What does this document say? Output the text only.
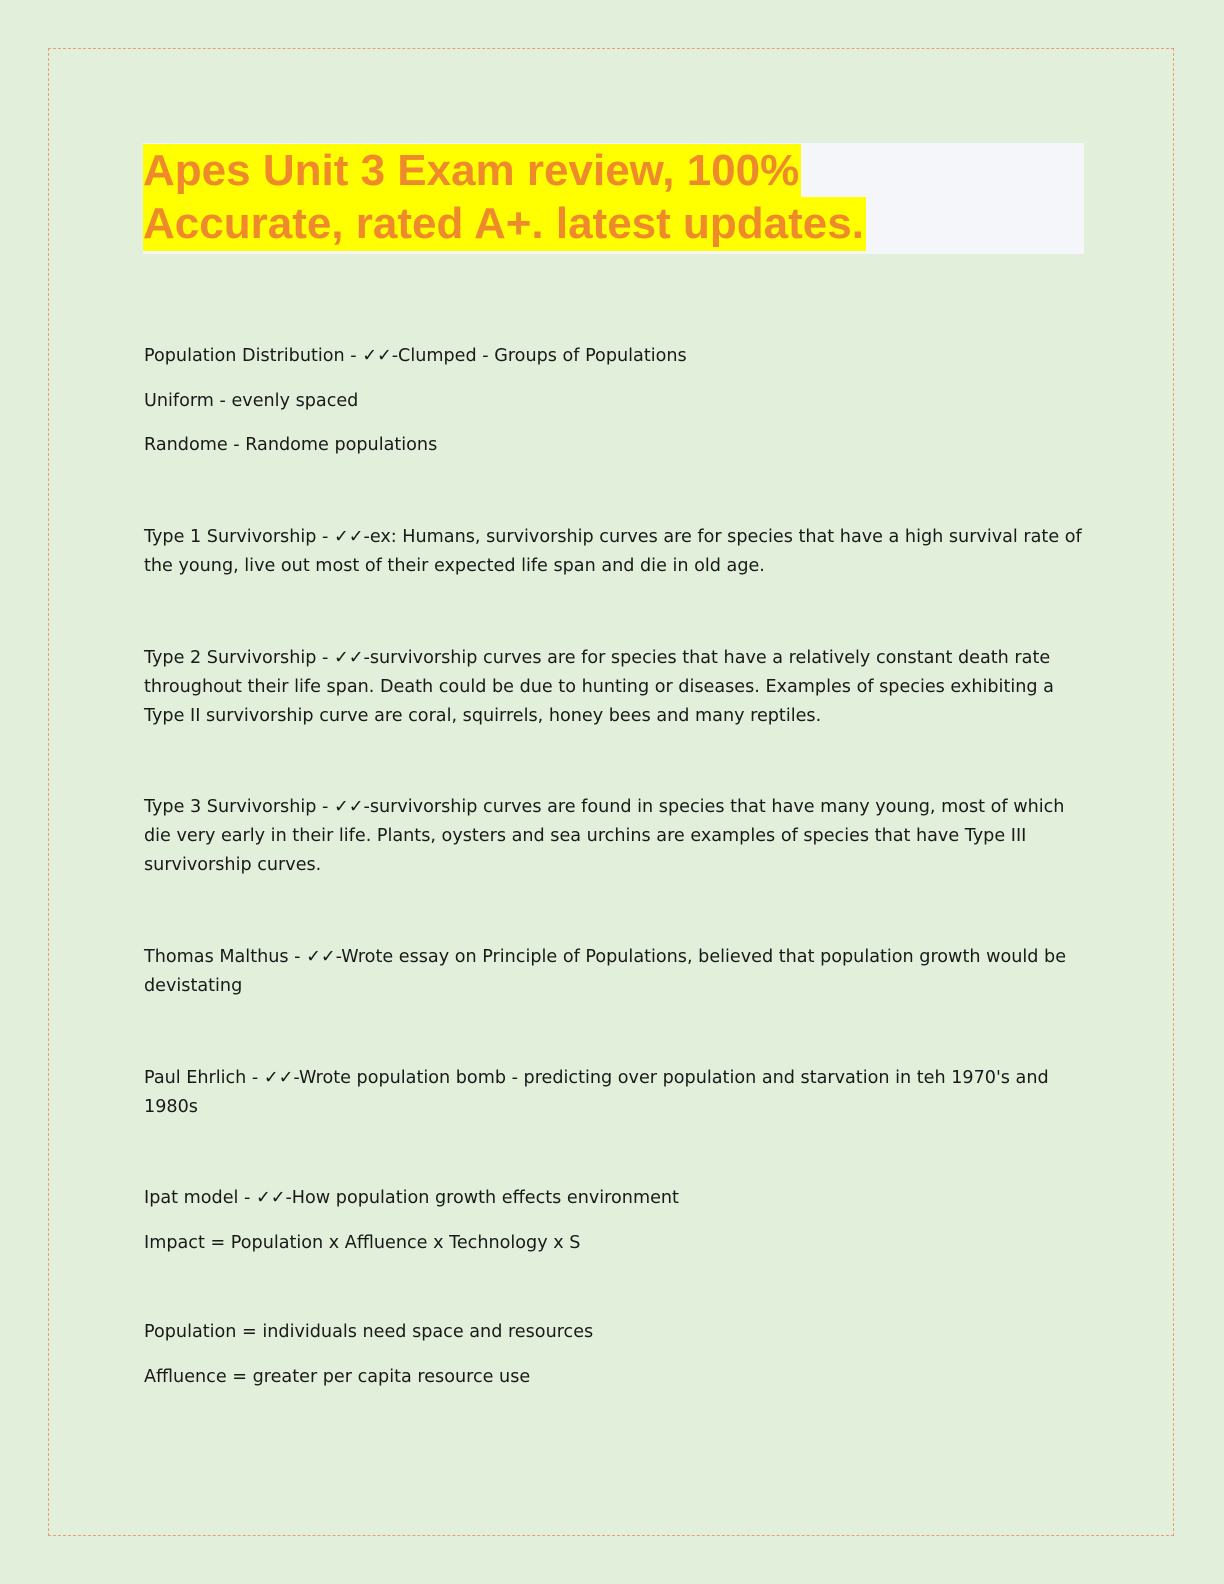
Apes Unit 3 Exam review, 100%
Accurate, rated A+. latest updates.

Population Distribution - ✓✓-Clumped - Groups of Populations

Uniform - evenly spaced

Randome - Randome populations

Type 1 Survivorship - ✓✓-ex: Humans, survivorship curves are for species that have a high survival rate of the young, live out most of their expected life span and die in old age.

Type 2 Survivorship - ✓✓-survivorship curves are for species that have a relatively constant death rate throughout their life span. Death could be due to hunting or diseases. Examples of species exhibiting a Type II survivorship curve are coral, squirrels, honey bees and many reptiles.

Type 3 Survivorship - ✓✓-survivorship curves are found in species that have many young, most of which die very early in their life. Plants, oysters and sea urchins are examples of species that have Type III survivorship curves.

Thomas Malthus - ✓✓-Wrote essay on Principle of Populations, believed that population growth would be devistating

Paul Ehrlich - ✓✓-Wrote population bomb - predicting over population and starvation in teh 1970's and 1980s

Ipat model - ✓✓-How population growth effects environment

Impact = Population x Affluence x Technology x S

Population = individuals need space and resources

Affluence = greater per capita resource use
